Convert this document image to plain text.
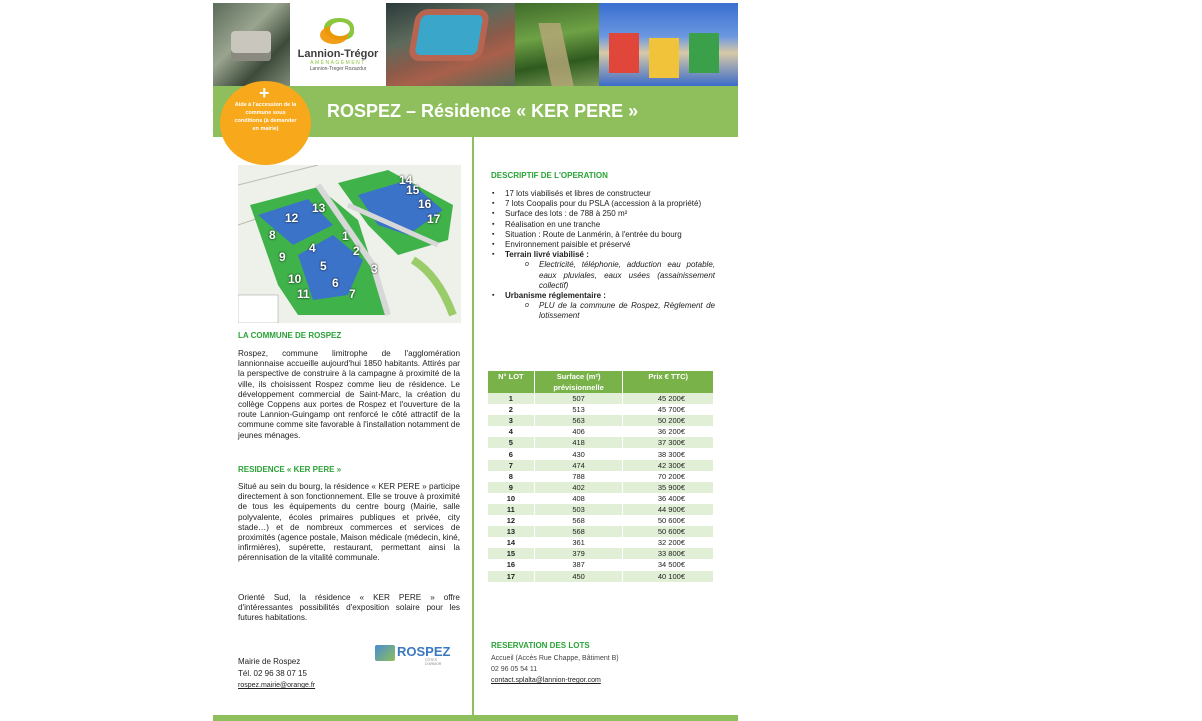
Lannion-Trégor
AMÉNAGEMENT
Lannion-Treger Rozazdur
ROSPEZ – Résidence « KER PERE »
+
Aide à l'accession de la commune sous conditions (à demander en mairie)
14
15
16
17
13
12
8	1
4	2
9
5	3
10	6
11	7
LA COMMUNE DE ROSPEZ
Rospez, commune limitrophe de l'agglomération lannionnaise accueille aujourd'hui 1850 habitants. Attirés par la perspective de construire à la campagne à proximité de la ville, ils choisissent Rospez comme lieu de résidence. Le développement commercial de Saint-Marc, la création du collège Coppens aux portes de Rospez et l'ouverture de la route Lannion-Guingamp ont renforcé le côté attractif de la commune comme site favorable à l'installation notamment de jeunes ménages.
RESIDENCE « KER PERE »
Situé au sein du bourg, la résidence « KER PERE » participe directement à son fonctionnement. Elle se trouve à proximité de tous les équipements du centre bourg (Mairie, salle polyvalente, écoles primaires publiques et privée, city stade…) et de nombreux commerces et services de proximités (agence postale, Maison médicale (médecin, kiné, infirmières), supérette, restaurant, permettant ainsi la pérennisation de la vitalité communale.
Orienté Sud, la résidence « KER PERE » offre d'intéressantes possibilités d'exposition solaire pour les futures habitations.
Mairie de Rospez
Tél. 02 96 38 07 15
rospez.mairie@orange.fr
ROSPEZ
CÔTES D'ARMOR
DESCRIPTIF DE L'OPERATION
▪ 17 lots viabilisés et libres de constructeur
▪ 7 lots Coopalis pour du PSLA (accession à la propriété)
▪ Surface des lots : de 788 à 250 m²
▪ Réalisation en une tranche
▪ Situation : Route de Lanmérin, à l'entrée du bourg
▪ Environnement paisible et préservé
▪ Terrain livré viabilisé :
o Electricité, téléphonie, adduction eau potable, eaux pluviales, eaux usées (assainissement collectif)
▪ Urbanisme réglementaire :
o PLU de la commune de Rospez, Règlement de lotissement
N° LOT	Surface (m²) prévisionnelle	Prix € TTC)
1	507	45 200€
2	513	45 700€
3	563	50 200€
4	406	36 200€
5	418	37 300€
6	430	38 300€
7	474	42 300€
8	788	70 200€
9	402	35 900€
10	408	36 400€
11	503	44 900€
12	568	50 600€
13	568	50 600€
14	361	32 200€
15	379	33 800€
16	387	34 500€
17	450	40 100€
RESERVATION DES LOTS
Accueil (Accès Rue Chappe, Bâtiment B)
02 96 05 54 11
contact.splalta@lannion-tregor.com
